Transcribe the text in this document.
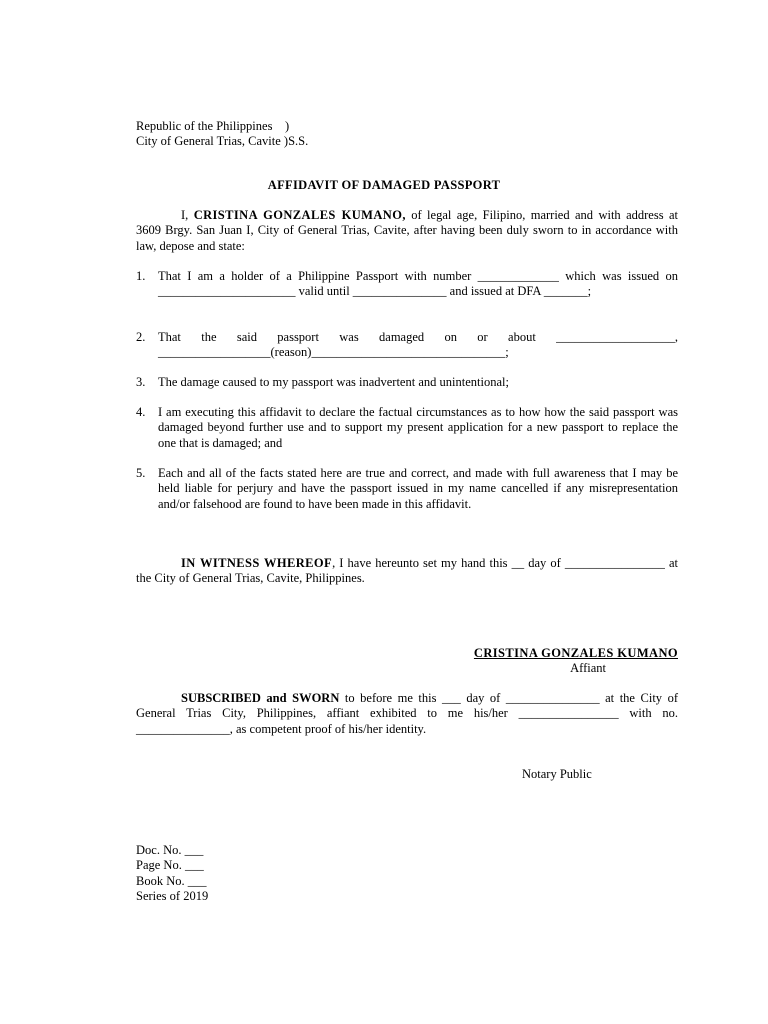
Republic of the Philippines    )
City of General Trias, Cavite )S.S.
AFFIDAVIT OF DAMAGED PASSPORT

I, CRISTINA GONZALES KUMANO, of legal age, Filipino, married and with address at 3609 Brgy. San Juan I, City of General Trias, Cavite, after having been duly sworn to in accordance with law, depose and state:

1. That I am a holder of a Philippine Passport with number _____________ which was issued on ______________________ valid until _______________ and issued at DFA _______;
2. That the said passport was damaged on or about ___________________, __________________(reason)_______________________________;
3. The damage caused to my passport was inadvertent and unintentional;
4. I am executing this affidavit to declare the factual circumstances as to how how the said passport was damaged beyond further use and to support my present application for a new passport to replace the one that is damaged; and
5. Each and all of the facts stated here are true and correct, and made with full awareness that I may be held liable for perjury and have the passport issued in my name cancelled if any misrepresentation and/or falsehood are found to have been made in this affidavit.

IN WITNESS WHEREOF, I have hereunto set my hand this __ day of ________________ at the City of General Trias, Cavite, Philippines.

CRISTINA GONZALES KUMANO
Affiant

SUBSCRIBED and SWORN to before me this ___ day of _______________ at the City of General Trias City, Philippines, affiant exhibited to me his/her ________________ with no. _______________, as competent proof of his/her identity.

Notary Public
Doc. No. ___
Page No. ___
Book No. ___
Series of 2019
